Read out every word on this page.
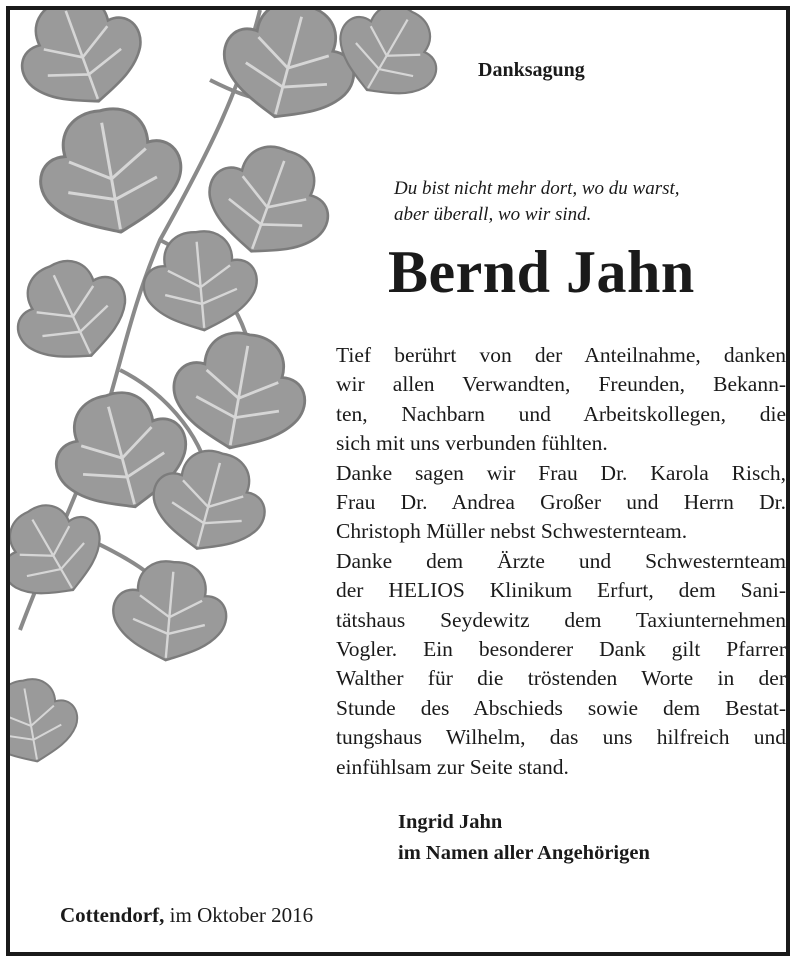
Danksagung
Du bist nicht mehr dort, wo du warst,
aber überall, wo wir sind.
Bernd Jahn
Tief berührt von der Anteilnahme, danken
wir allen Verwandten, Freunden, Bekann-
ten, Nachbarn und Arbeitskollegen, die
sich mit uns verbunden fühlten.
Danke sagen wir Frau Dr. Karola Risch,
Frau Dr. Andrea Großer und Herrn Dr.
Christoph Müller nebst Schwesternteam.
Danke dem Ärzte und Schwesternteam
der HELIOS Klinikum Erfurt, dem Sani-
tätshaus Seydewitz dem Taxiunternehmen
Vogler. Ein besonderer Dank gilt Pfarrer
Walther für die tröstenden Worte in der
Stunde des Abschieds sowie dem Bestat-
tungshaus Wilhelm, das uns hilfreich und
einfühlsam zur Seite stand.
Ingrid Jahn
im Namen aller Angehörigen
Cottendorf, im Oktober 2016
